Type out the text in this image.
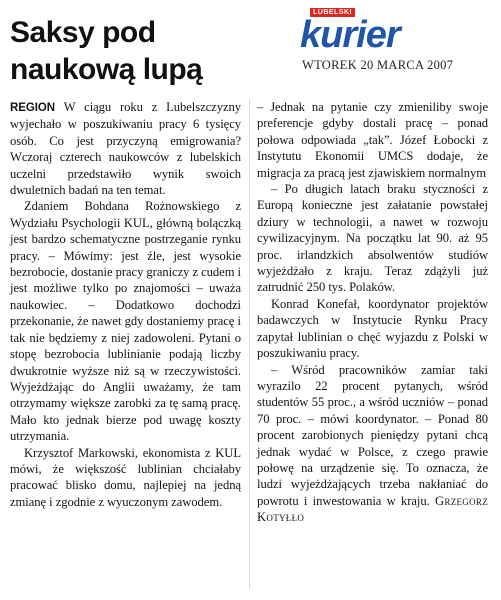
Saksy pod
naukową lupą
LUBELSKI
kurier
WTOREK 20 MARCA 2007

REGION W ciągu roku z Lubelszczyzny wyjechało w poszukiwaniu pracy 6 tysięcy osób. Co jest przyczyną emigrowania? Wczoraj czterech naukowców z lubelskich uczelni przedstawiło wynik swoich dwuletnich badań na ten temat.

Zdaniem Bohdana Rożnowskiego z Wydziału Psychologii KUL, główną bolączką jest bardzo schematyczne postrzeganie rynku pracy. – Mówimy: jest źle, jest wysokie bezrobocie, dostanie pracy graniczy z cudem i jest możliwe tylko po znajomości – uważa naukowiec. – Dodatkowo dochodzi przekonanie, że nawet gdy dostaniemy pracę i tak nie będziemy z niej zadowoleni. Pytani o stopę bezrobocia lublinianie podają liczby dwukrotnie wyższe niż są w rzeczywistości. Wyjeżdżając do Anglii uważamy, że tam otrzymamy większe zarobki za tę samą pracę. Mało kto jednak bierze pod uwagę koszty utrzymania.

Krzysztof Markowski, ekonomista z KUL mówi, że większość lublinian chciałaby pracować blisko domu, najlepiej na jedną zmianę i zgodnie z wyuczonym zawodem.

– Jednak na pytanie czy zmieniliby swoje preferencje gdyby dostali pracę – ponad połowa odpowiada „tak”. Józef Łobocki z Instytutu Ekonomii UMCS dodaje, że migracja za pracą jest zjawiskiem normalnym

– Po długich latach braku styczności z Europą konieczne jest załatanie powstałej dziury w technologii, a nawet w rozwoju cywilizacyjnym. Na początku lat 90. aż 95 proc. irlandzkich absolwentów studiów wyjeżdżało z kraju. Teraz zdążyli już zatrudnić 250 tys. Polaków.

Konrad Konefał, koordynator projektów badawczych w Instytucie Rynku Pracy zapytał lublinian o chęć wyjazdu z Polski w poszukiwaniu pracy.

– Wśród pracowników zamiar taki wyrazilo 22 procent pytanych, wśród studentów 55 proc., a wśród uczniów – ponad 70 proc. – mówi koordynator. – Ponad 80 procent zarobionych pieniędzy pytani chcą jednak wydać w Polsce, z czego prawie połowę na urządzenie się. To oznacza, że ludzi wyjeżdżających trzeba nakłaniać do powrotu i inwestowania w kraju. Grzegorz Kotyłło
